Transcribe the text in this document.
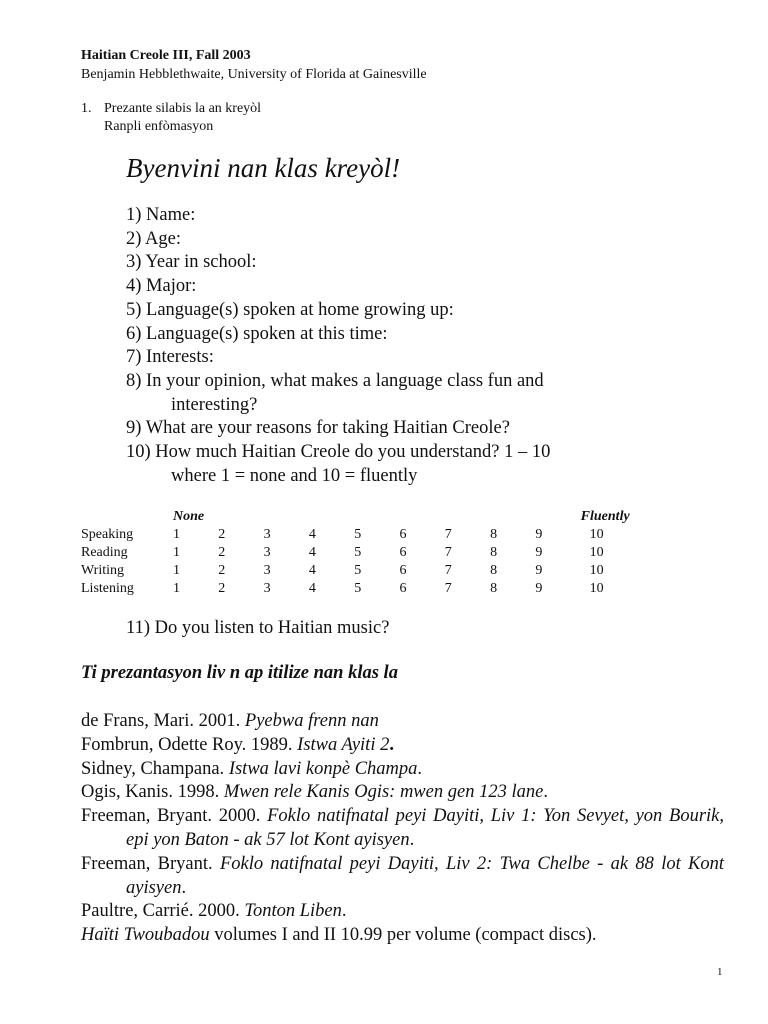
Haitian Creole III, Fall 2003
Benjamin Hebblethwaite, University of Florida at Gainesville
1. Prezante silabis la an kreyòl
Ranpli enfòmasyon
Byenvini nan klas kreyòl!
1) Name:
2) Age:
3) Year in school:
4) Major:
5) Language(s) spoken at home growing up:
6) Language(s) spoken at this time:
7) Interests:
8) In your opinion, what makes a language class fun and
interesting?
9) What are your reasons for taking Haitian Creole?
10) How much Haitian Creole do you understand? 1 – 10
where 1 = none and 10 = fluently
	None									Fluently
Speaking	1	2	3	4	5	6	7	8	9	10
Reading	1	2	3	4	5	6	7	8	9	10
Writing	1	2	3	4	5	6	7	8	9	10
Listening	1	2	3	4	5	6	7	8	9	10
11) Do you listen to Haitian music?
Ti prezantasyon liv n ap itilize nan klas la
de Frans, Mari. 2001. Pyebwa frenn nan
Fombrun, Odette Roy. 1989. Istwa Ayiti 2.
Sidney, Champana. Istwa lavi konpè Champa.
Ogis, Kanis. 1998. Mwen rele Kanis Ogis: mwen gen 123 lane.
Freeman, Bryant. 2000. Foklo natifnatal peyi Dayiti, Liv 1: Yon Sevyet, yon Bourik, epi yon Baton - ak 57 lot Kont ayisyen.
Freeman, Bryant. Foklo natifnatal peyi Dayiti, Liv 2: Twa Chelbe - ak 88 lot Kont ayisyen.
Paultre, Carrié. 2000. Tonton Liben.
Haïti Twoubadou volumes I and II 10.99 per volume (compact discs).
1
